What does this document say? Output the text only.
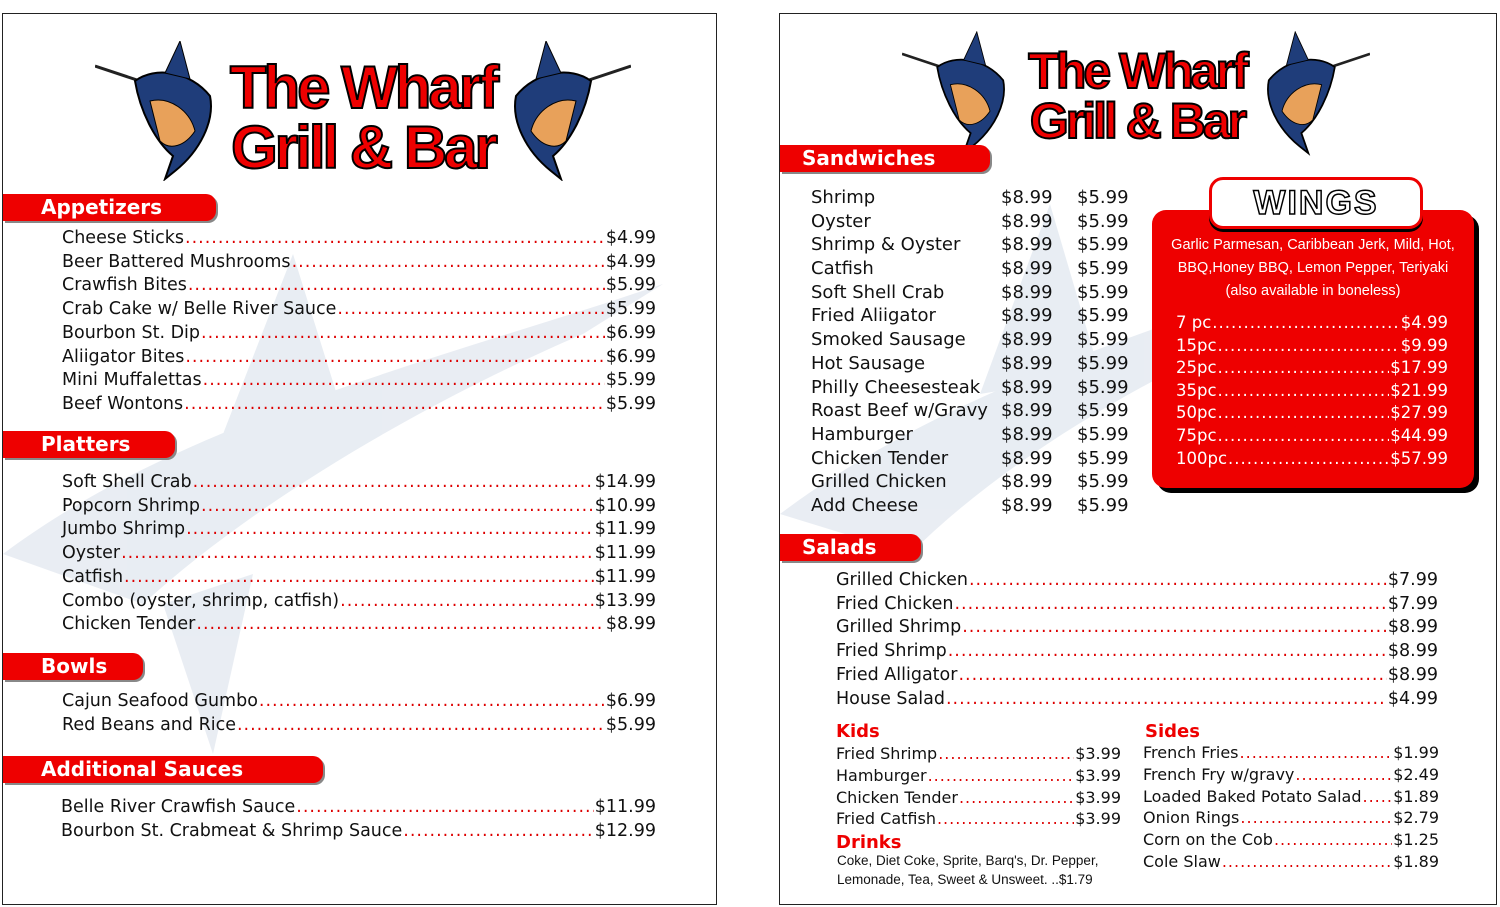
The Wharf
Grill & Bar
Appetizers
Cheese Sticks .....	$4.99
Beer Battered Mushrooms .....	$4.99
Crawfish Bites .....	$5.99
Crab Cake w/ Belle River Sauce .....	$5.99
Bourbon St. Dip .....	$6.99
Aliigator Bites .....	$6.99
Mini Muffalettas .....	$5.99
Beef Wontons .....	$5.99
Platters
Soft Shell Crab .....	$14.99
Popcorn Shrimp .....	$10.99
Jumbo Shrimp .....	$11.99
Oyster .....	$11.99
Catfish .....	$11.99
Combo (oyster, shrimp, catfish) .....	$13.99
Chicken Tender .....	$8.99
Bowls
Cajun Seafood Gumbo .....	$6.99
Red Beans and Rice .....	$5.99
Additional Sauces
Belle River Crawfish Sauce .....	$11.99
Bourbon St. Crabmeat & Shrimp Sauce .....	$12.99
The Wharf
Grill & Bar
Sandwiches
Shrimp	$8.99	$5.99
Oyster	$8.99	$5.99
Shrimp & Oyster	$8.99	$5.99
Catfish	$8.99	$5.99
Soft Shell Crab	$8.99	$5.99
Fried Aliigator	$8.99	$5.99
Smoked Sausage	$8.99	$5.99
Hot Sausage	$8.99	$5.99
Philly Cheesesteak	$8.99	$5.99
Roast Beef w/Gravy $8.99	$5.99
Hamburger	$8.99	$5.99
Chicken Tender	$8.99	$5.99
Grilled Chicken	$8.99	$5.99
Add Cheese	$8.99	$5.99
Garlic Parmesan, Caribbean Jerk, Mild, Hot,
BBQ,Honey BBQ, Lemon Pepper, Teriyaki
(also available in boneless)
7 pc .....	$4.99
15pc .....	$9.99
25pc .....	$17.99
35pc .....	$21.99
50pc .....	$27.99
75pc .....	$44.99
100pc .....	$57.99
WINGS
Salads
Grilled Chicken .....	$7.99
Fried Chicken .....	$7.99
Grilled Shrimp .....	$8.99
Fried Shrimp .....	$8.99
Fried Alligator .....	$8.99
House Salad .....	$4.99
Kids
Fried Shrimp .....	$3.99
Hamburger .....	$3.99
Chicken Tender .....	$3.99
Fried Catfish .....	$3.99
Drinks
Coke, Diet Coke, Sprite, Barq's, Dr. Pepper,
Lemonade, Tea, Sweet & Unsweet. ..$1.79
Sides
French Fries .....	$1.99
French Fry w/gravy .....	$2.49
Loaded Baked Potato Salad ..... $1.89
Onion Rings .....	$2.79
Corn on the Cob .....	$1.25
Cole Slaw .....	$1.89
